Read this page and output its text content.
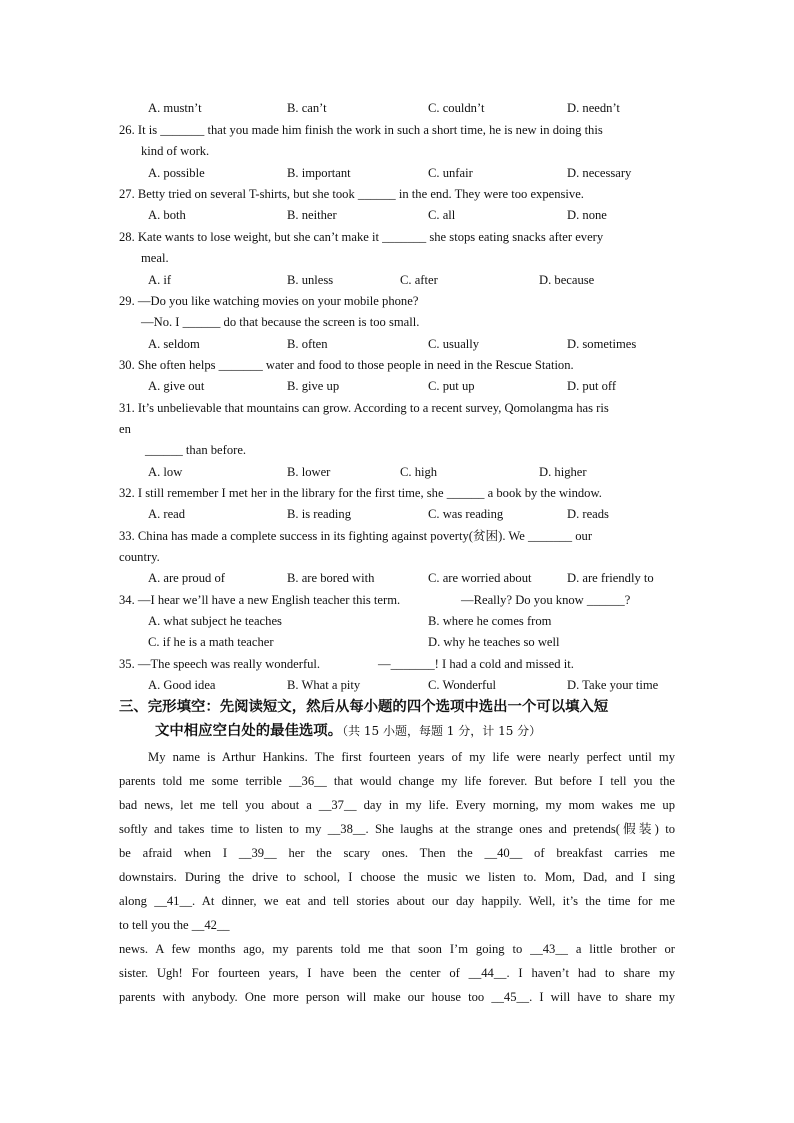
A. mustn’t	B. can’t	C. couldn’t	D. needn’t
26. It is _______ that you made him finish the work in such a short time, he is new in doing this
kind of work.
A. possible	B. important	C. unfair	D. necessary
27. Betty tried on several T-shirts, but she took ______ in the end. They were too expensive.
A. both	B. neither	C. all	D. none
28. Kate wants to lose weight, but she can’t make it _______ she stops eating snacks after every
meal.
A. if	B. unless	C. after	D. because
29. —Do you like watching movies on your mobile phone?
—No. I ______ do that because the screen is too small.
A. seldom	B. often	C. usually	D. sometimes
30. She often helps _______ water and food to those people in need in the Rescue Station.
A. give out	B. give up	C. put up	D. put off
31. It’s unbelievable that mountains can grow. According to a recent survey, Qomolangma has ris
en
______ than before.
A. low	B. lower	C. high	D. higher
32. I still remember I met her in the library for the first time, she ______ a book by the window.
A. read	B. is reading	C. was reading	D. reads
33. China has made a complete success in its fighting against poverty(贫困). We _______ our
country.
A. are proud of	B. are bored with	C. are worried about	D. are friendly to
34. —I hear we’ll have a new English teacher this term.	—Really? Do you know ______?
A. what subject he teaches	B. where he comes from
C. if he is a math teacher	D. why he teaches so well
35. —The speech was really wonderful.	—_______! I had a cold and missed it.
A. Good idea	B. What a pity	C. Wonderful	D. Take your time
三、完形填空：先阅读短文，然后从每小题的四个选项中选出一个可以填入短
文中相应空白处的最佳选项。（共 15 小题，每题 1 分，计 15 分）
My name is Arthur Hankins. The first fourteen years of my life were nearly perfect until my
parents told me some terrible __36__ that would change my life forever. But before I tell you the
bad news, let me tell you about a __37__ day in my life. Every morning, my mom wakes me up
softly and takes time to listen to my __38__. She laughs at the strange ones and pretends(假装) to
be afraid when I __39__ her the scary ones. Then the __40__ of breakfast carries me
downstairs. During the drive to school, I choose the music we listen to. Mom, Dad, and I sing
along __41__. At dinner, we eat and tell stories about our day happily. Well, it’s the time for me
to tell you the __42__
news. A few months ago, my parents told me that soon I’m going to __43__ a little brother or
sister. Ugh! For fourteen years, I have been the center of __44__. I haven’t had to share my
parents with anybody. One more person will make our house too __45__. I will have to share my
